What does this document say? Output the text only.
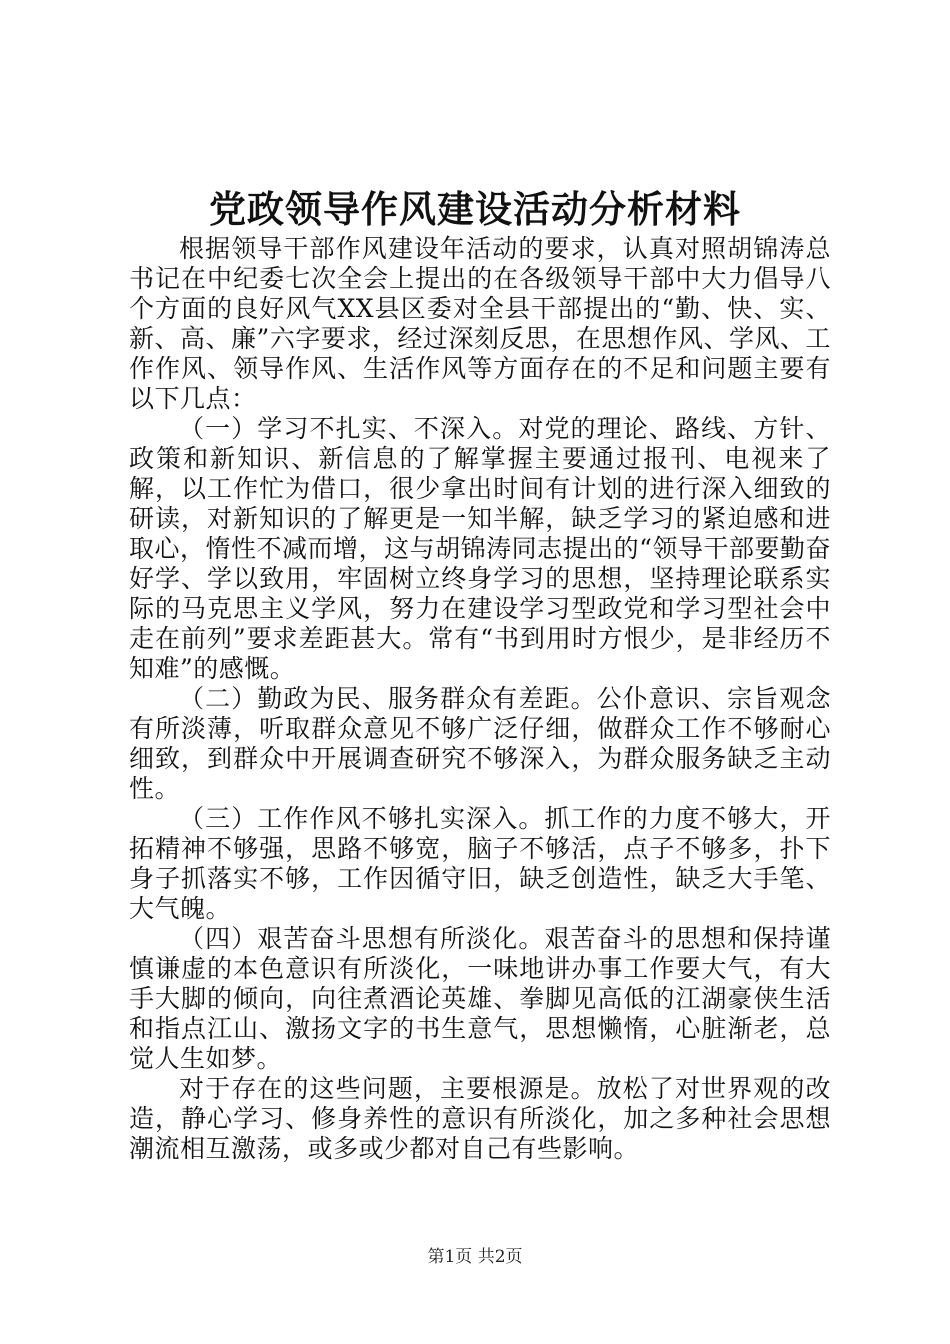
党政领导作风建设活动分析材料

根据领导干部作风建设年活动的要求，认真对照胡锦涛总书记在中纪委七次全会上提出的在各级领导干部中大力倡导八个方面的良好风气XX县区委对全县干部提出的“勤、快、实、新、高、廉”六字要求，经过深刻反思，在思想作风、学风、工作作风、领导作风、生活作风等方面存在的不足和问题主要有以下几点：

（一）学习不扎实、不深入。对党的理论、路线、方针、政策和新知识、新信息的了解掌握主要通过报刊、电视来了解，以工作忙为借口，很少拿出时间有计划的进行深入细致的研读，对新知识的了解更是一知半解，缺乏学习的紧迫感和进取心，惰性不减而增，这与胡锦涛同志提出的“领导干部要勤奋好学、学以致用，牢固树立终身学习的思想，坚持理论联系实际的马克思主义学风，努力在建设学习型政党和学习型社会中走在前列”要求差距甚大。常有“书到用时方恨少，是非经历不知难”的感慨。

（二）勤政为民、服务群众有差距。公仆意识、宗旨观念有所淡薄，听取群众意见不够广泛仔细，做群众工作不够耐心细致，到群众中开展调查研究不够深入，为群众服务缺乏主动性。

（三）工作作风不够扎实深入。抓工作的力度不够大，开拓精神不够强，思路不够宽，脑子不够活，点子不够多，扑下身子抓落实不够，工作因循守旧，缺乏创造性，缺乏大手笔、大气魄。

（四）艰苦奋斗思想有所淡化。艰苦奋斗的思想和保持谨慎谦虚的本色意识有所淡化，一味地讲办事工作要大气，有大手大脚的倾向，向往煮酒论英雄、拳脚见高低的江湖豪侠生活和指点江山、激扬文字的书生意气，思想懒惰，心脏渐老，总觉人生如梦。

对于存在的这些问题，主要根源是。放松了对世界观的改造，静心学习、修身养性的意识有所淡化，加之多种社会思想潮流相互激荡，或多或少都对自己有些影响。

第1页 共2页
